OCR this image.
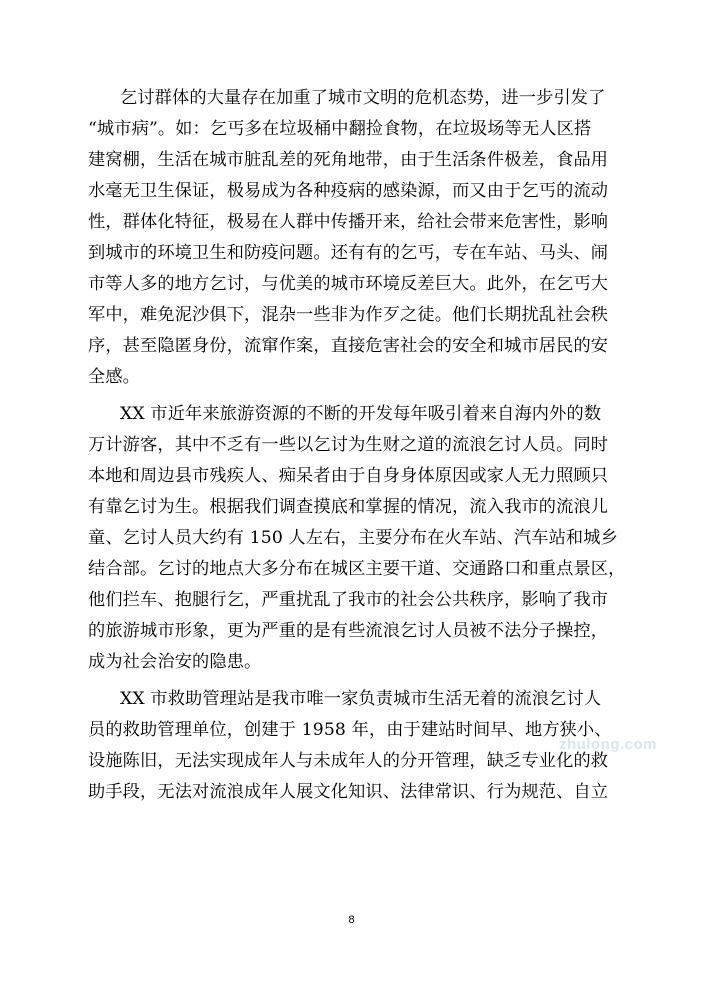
zhulong.com
乞讨群体的大量存在加重了城市文明的危机态势，进一步引发了
“城市病”。如：乞丐多在垃圾桶中翻捡食物，在垃圾场等无人区搭
建窝棚，生活在城市脏乱差的死角地带，由于生活条件极差，食品用
水毫无卫生保证，极易成为各种疫病的感染源，而又由于乞丐的流动
性，群体化特征，极易在人群中传播开来，给社会带来危害性，影响
到城市的环境卫生和防疫问题。还有有的乞丐，专在车站、马头、闹
市等人多的地方乞讨，与优美的城市环境反差巨大。此外，在乞丐大
军中，难免泥沙俱下，混杂一些非为作歹之徒。他们长期扰乱社会秩
序，甚至隐匿身份，流窜作案，直接危害社会的安全和城市居民的安
全感。
XX 市近年来旅游资源的不断的开发每年吸引着来自海内外的数
万计游客，其中不乏有一些以乞讨为生财之道的流浪乞讨人员。同时
本地和周边县市残疾人、痴呆者由于自身身体原因或家人无力照顾只
有靠乞讨为生。根据我们调查摸底和掌握的情况，流入我市的流浪儿
童、乞讨人员大约有 150 人左右，主要分布在火车站、汽车站和城乡
结合部。乞讨的地点大多分布在城区主要干道、交通路口和重点景区，
他们拦车、抱腿行乞，严重扰乱了我市的社会公共秩序，影响了我市
的旅游城市形象，更为严重的是有些流浪乞讨人员被不法分子操控，
成为社会治安的隐患。
XX 市救助管理站是我市唯一家负责城市生活无着的流浪乞讨人
员的救助管理单位，创建于 1958 年，由于建站时间早、地方狭小、
设施陈旧，无法实现成年人与未成年人的分开管理，缺乏专业化的救
助手段，无法对流浪成年人展文化知识、法律常识、行为规范、自立
8
